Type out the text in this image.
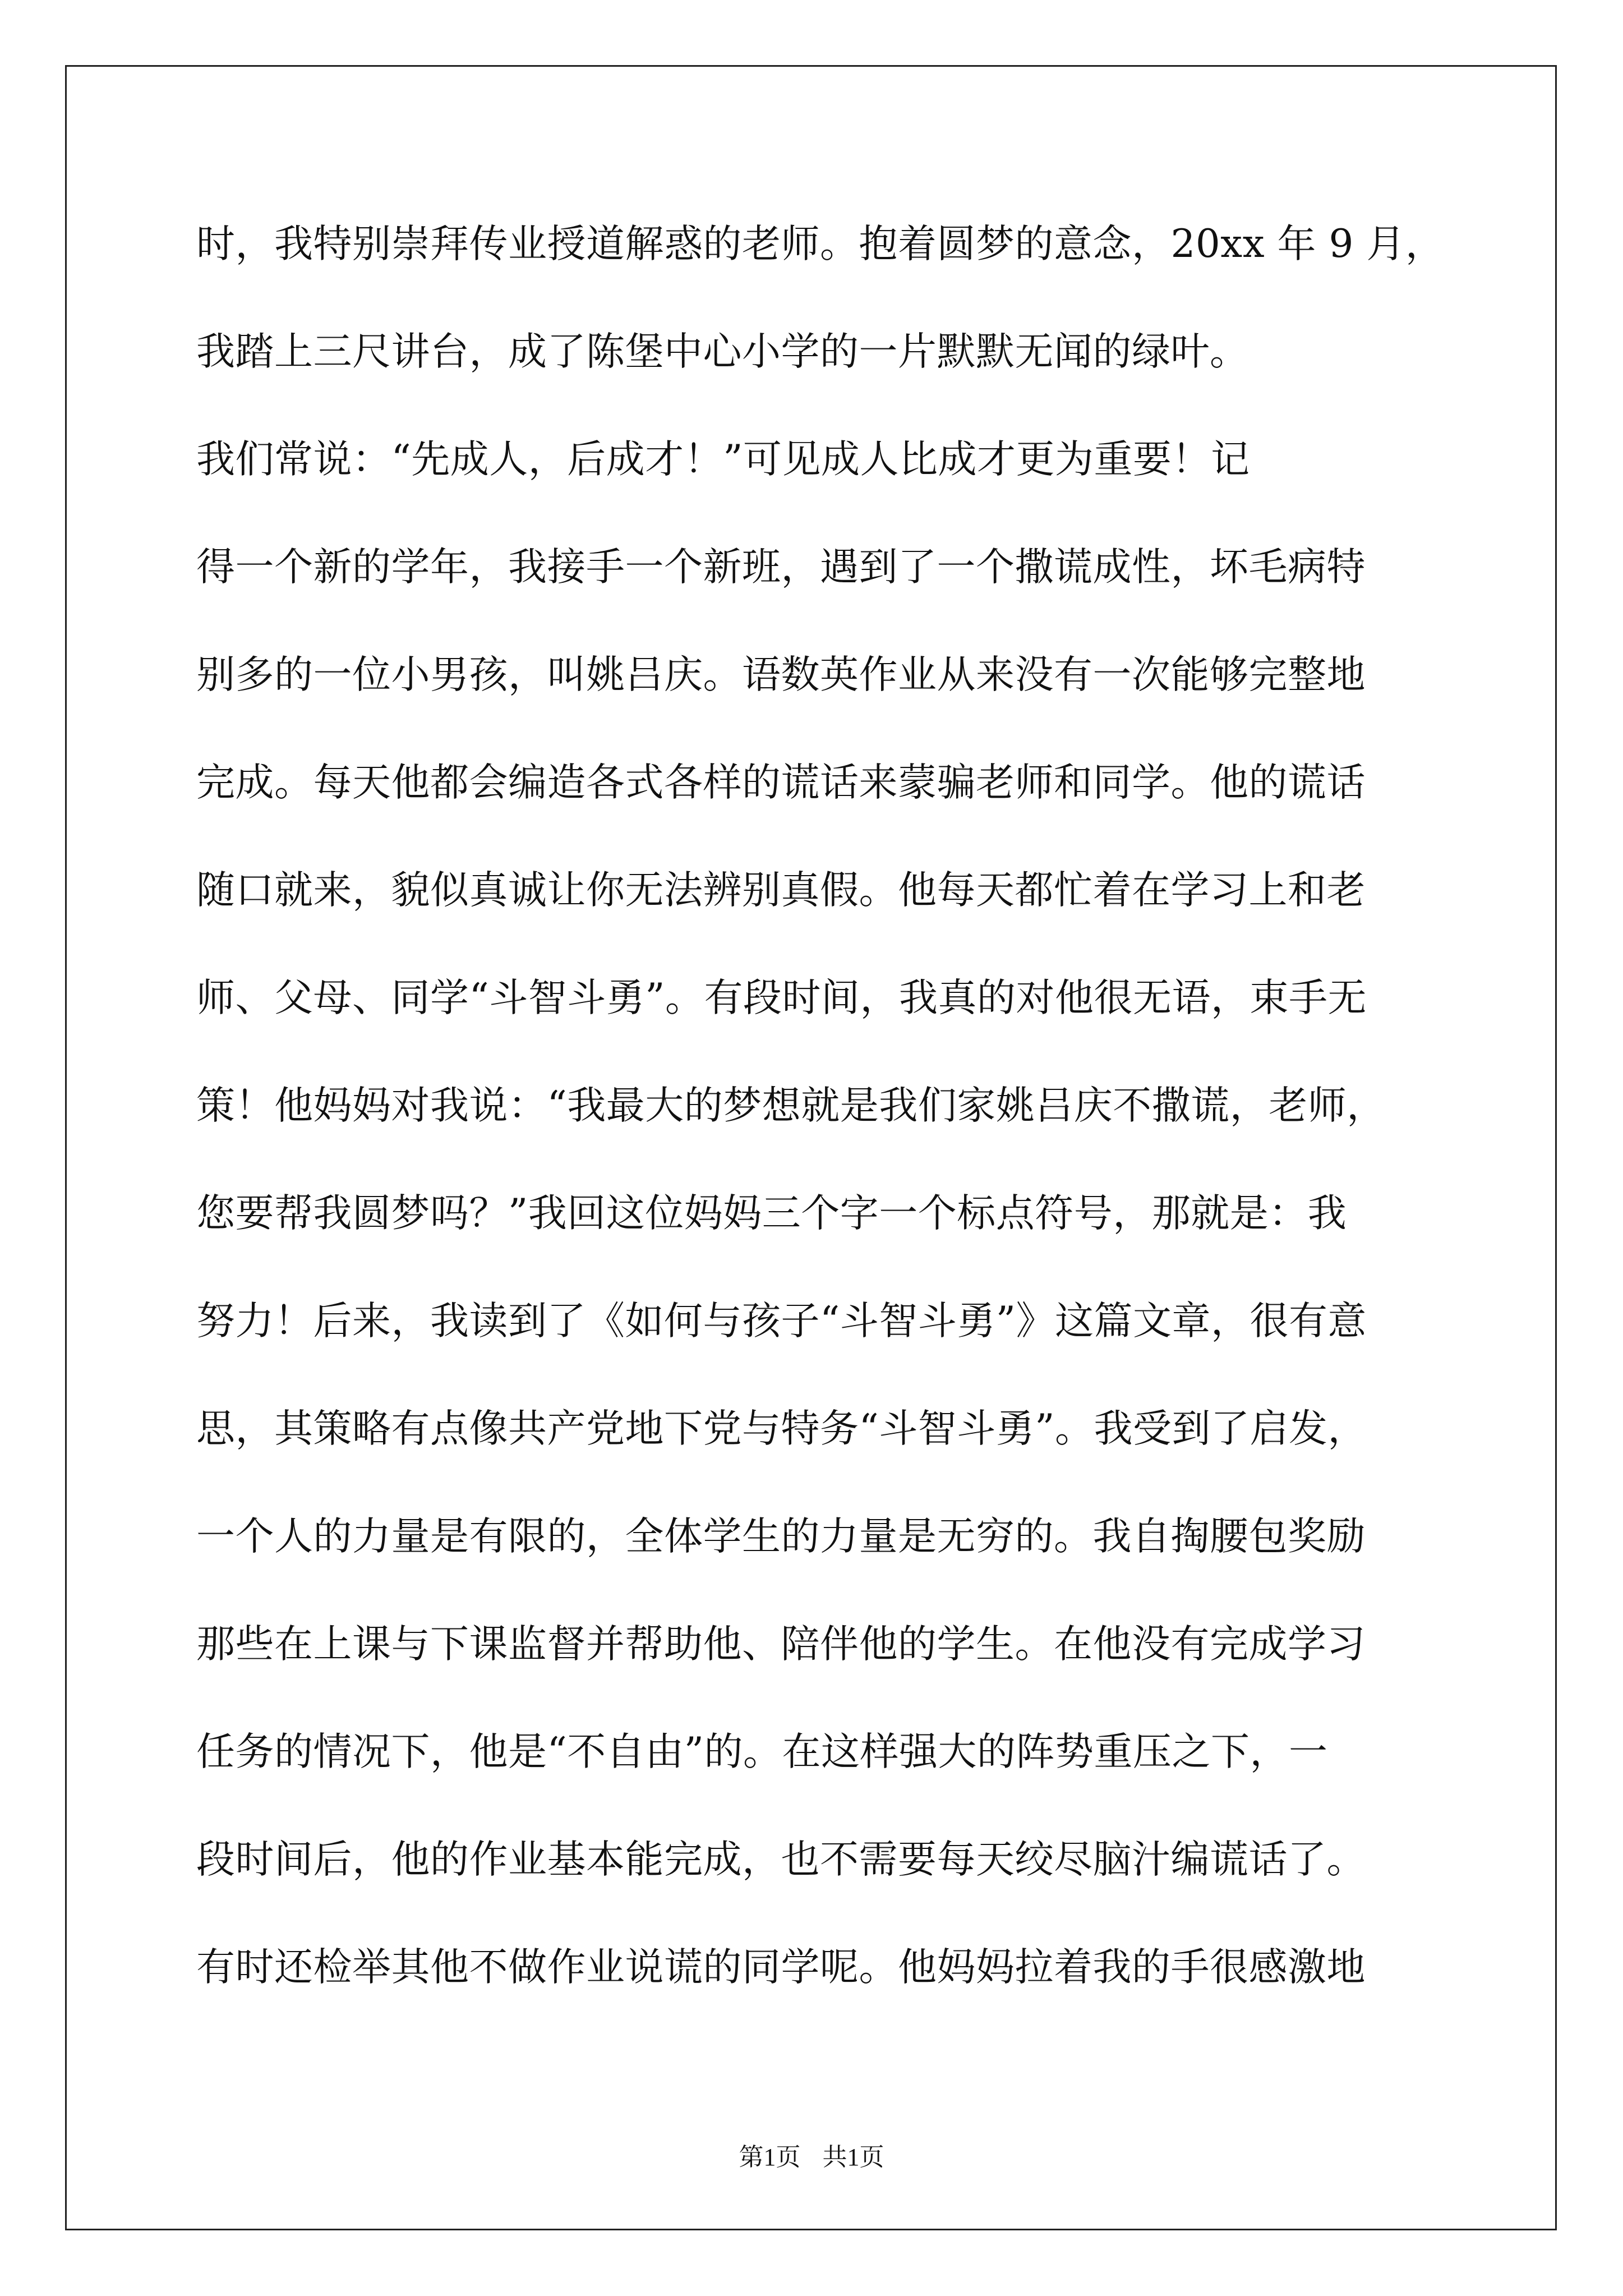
时，我特别崇拜传业授道解惑的老师。抱着圆梦的意念，20xx 年 9 月，
我踏上三尺讲台，成了陈堡中心小学的一片默默无闻的绿叶。
我们常说：“先成人，后成才！”可见成人比成才更为重要！记
得一个新的学年，我接手一个新班，遇到了一个撒谎成性，坏毛病特
别多的一位小男孩，叫姚吕庆。语数英作业从来没有一次能够完整地
完成。每天他都会编造各式各样的谎话来蒙骗老师和同学。他的谎话
随口就来，貌似真诚让你无法辨别真假。他每天都忙着在学习上和老
师、父母、同学“斗智斗勇”。有段时间，我真的对他很无语，束手无
策！他妈妈对我说：“我最大的梦想就是我们家姚吕庆不撒谎，老师，
您要帮我圆梦吗？”我回这位妈妈三个字一个标点符号，那就是：我
努力！后来，我读到了《如何与孩子“斗智斗勇”》这篇文章，很有意
思，其策略有点像共产党地下党与特务“斗智斗勇”。我受到了启发，
一个人的力量是有限的，全体学生的力量是无穷的。我自掏腰包奖励
那些在上课与下课监督并帮助他、陪伴他的学生。在他没有完成学习
任务的情况下，他是“不自由”的。在这样强大的阵势重压之下，一
段时间后，他的作业基本能完成，也不需要每天绞尽脑汁编谎话了。
有时还检举其他不做作业说谎的同学呢。他妈妈拉着我的手很感激地
第1页 共1页
